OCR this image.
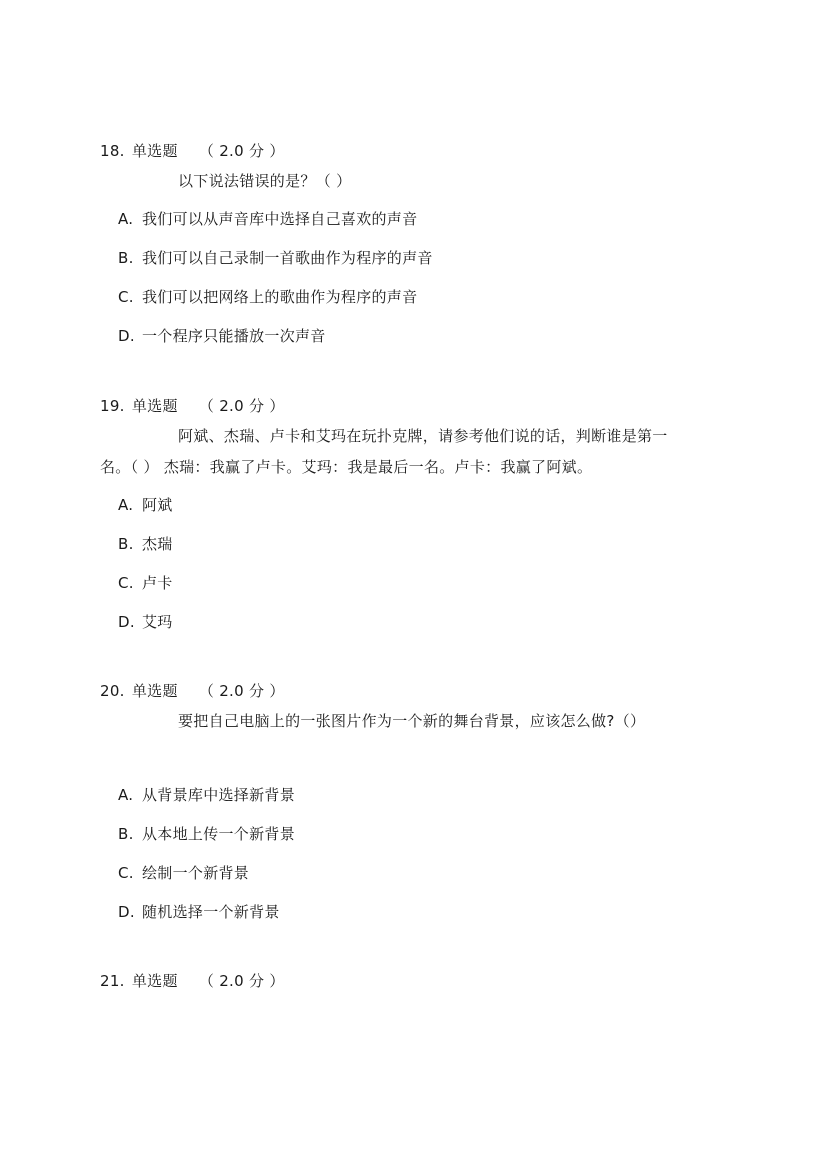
18. 单选题 （ 2.0 分 ）
以下说法错误的是？（ ）
A. 我们可以从声音库中选择自己喜欢的声音
B. 我们可以自己录制一首歌曲作为程序的声音
C. 我们可以把网络上的歌曲作为程序的声音
D. 一个程序只能播放一次声音
19. 单选题 （ 2.0 分 ）
阿斌、杰瑞、卢卡和艾玛在玩扑克牌，请参考他们说的话，判断谁是第一
名。（ ） 杰瑞：我赢了卢卡。艾玛：我是最后一名。卢卡：我赢了阿斌。
A. 阿斌
B. 杰瑞
C. 卢卡
D. 艾玛
20. 单选题 （ 2.0 分 ）
要把自己电脑上的一张图片作为一个新的舞台背景，应该怎么做?（）
A. 从背景库中选择新背景
B. 从本地上传一个新背景
C. 绘制一个新背景
D. 随机选择一个新背景
21. 单选题 （ 2.0 分 ）
